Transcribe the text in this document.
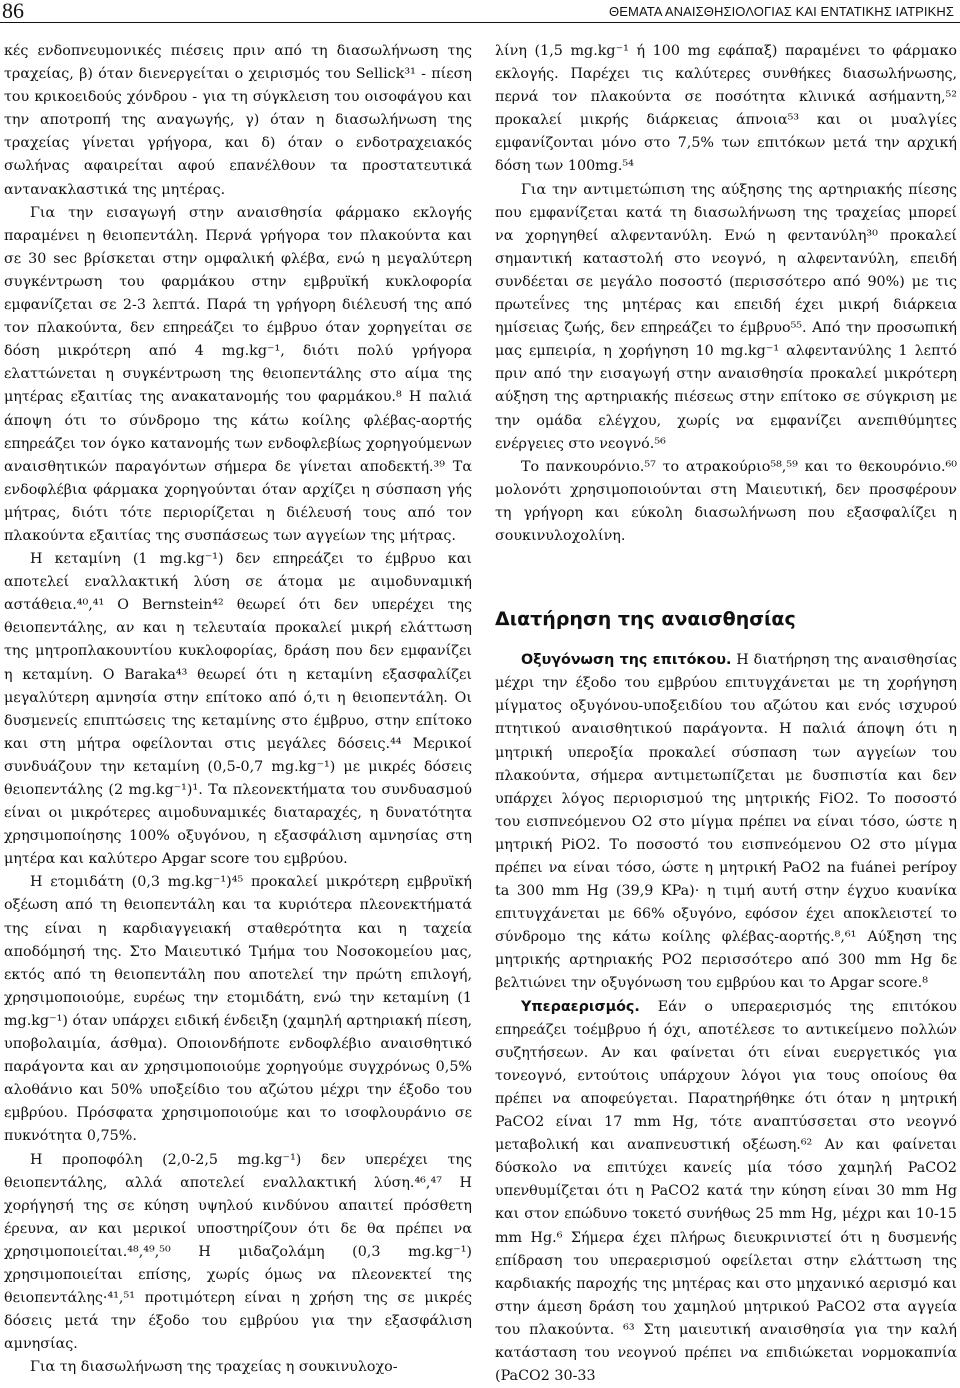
86	ΘΕΜΑΤΑ ΑΝΑΙΣΘΗΣΙΟΛΟΓΙΑΣ ΚΑΙ ΕΝΤΑΤΙΚΗΣ ΙΑΤΡΙΚΗΣ

κές ενδοπνευμονικές πιέσεις πριν από τη διασωλήνωση της τραχείας, β) όταν διενεργείται ο χειρισμός του Sellick³¹ - πίεση του κρικοειδούς χόνδρου - για τη σύγκλειση του οισοφάγου και την αποτροπή της αναγωγής, γ) όταν η διασωλήνωση της τραχείας γίνεται γρήγορα, και δ) όταν ο ενδοτραχειακός σωλήνας αφαιρείται αφού επανέλθουν τα προστατευτικά αντανακλαστικά της μητέρας.

Για την εισαγωγή στην αναισθησία φάρμακο εκλογής παραμένει η θειοπεντάλη. Περνά γρήγορα τον πλακούντα και σε 30 sec βρίσκεται στην ομφαλική φλέβα, ενώ η μεγαλύτερη συγκέντρωση του φαρμάκου στην εμβρυϊκή κυκλοφορία εμφανίζεται σε 2-3 λεπτά. Παρά τη γρήγορη διέλευσή της από τον πλακούντα, δεν επηρεάζει το έμβρυο όταν χορηγείται σε δόση μικρότερη από 4 mg.kg⁻¹, διότι πολύ γρήγορα ελαττώνεται η συγκέντρωση της θειοπεντάλης στο αίμα της μητέρας εξαιτίας της ανακατανομής του φαρμάκου.⁸ Η παλιά άποψη ότι το σύνδρομο της κάτω κοίλης φλέβας-αορτής επηρεάζει τον όγκο κατανομής των ενδοφλεβίως χορηγούμενων αναισθητικών παραγόντων σήμερα δε γίνεται αποδεκτή.³⁹ Τα ενδοφλέβια φάρμακα χορηγούνται όταν αρχίζει η σύσπαση γής μήτρας, διότι τότε περιορίζεται η διέλευσή τους από τον πλακούντα εξαιτίας της συσπάσεως των αγγείων της μήτρας.

Η κεταμίνη (1 mg.kg⁻¹) δεν επηρεάζει το έμβρυο και αποτελεί εναλλακτική λύση σε άτομα με αιμοδυναμική αστάθεια.⁴⁰,⁴¹ O Bernstein⁴² θεωρεί ότι δεν υπερέχει της θειοπεντάλης, αν και η τελευταία προκαλεί μικρή ελάττωση της μητροπλακουντίου κυκλοφορίας, δράση που δεν εμφανίζει η κεταμίνη. O Baraka⁴³ θεωρεί ότι η κεταμίνη εξασφαλίζει μεγαλύτερη αμνησία στην επίτοκο από ό,τι η θειοπεντάλη. Οι δυσμενείς επιπτώσεις της κεταμίνης στο έμβρυο, στην επίτοκο και στη μήτρα οφείλονται στις μεγάλες δόσεις.⁴⁴ Μερικοί συνδυάζουν την κεταμίνη (0,5-0,7 mg.kg⁻¹) με μικρές δόσεις θειοπεντάλης (2 mg.kg⁻¹)¹. Τα πλεονεκτήματα του συνδυασμού είναι οι μικρότερες αιμοδυναμικές διαταραχές, η δυνατότητα χρησιμοποίησης 100% οξυγόνου, η εξασφάλιση αμνησίας στη μητέρα και καλύτερο Apgar score του εμβρύου.

Η ετομιδάτη (0,3 mg.kg⁻¹)⁴⁵ προκαλεί μικρότερη εμβρυϊκή οξέωση από τη θειοπεντάλη και τα κυριότερα πλεονεκτήματά της είναι η καρδιαγγειακή σταθερότητα και η ταχεία αποδόμησή της. Στο Μαιευτικό Τμήμα του Νοσοκομείου μας, εκτός από τη θειοπεντάλη που αποτελεί την πρώτη επιλογή, χρησιμοποιούμε, ευρέως την ετομιδάτη, ενώ την κεταμίνη (1 mg.kg⁻¹) όταν υπάρχει ειδική ένδειξη (χαμηλή αρτηριακή πίεση, υποβολαιμία, άσθμα). Οποιονδήποτε ενδοφλέβιο αναισθητικό παράγοντα και αν χρησιμοποιούμε χορηγούμε συγχρόνως 0,5% αλοθάνιο και 50% υποξείδιο του αζώτου μέχρι την έξοδο του εμβρύου. Πρόσφατα χρησιμοποιούμε και το ισοφλουράνιο σε πυκνότητα 0,75%.

Η προποφόλη (2,0-2,5 mg.kg⁻¹) δεν υπερέχει της θειοπεντάλης, αλλά αποτελεί εναλλακτική λύση.⁴⁶,⁴⁷ Η χορήγησή της σε κύηση υψηλού κινδύνου απαιτεί πρόσθετη έρευνα, αν και μερικοί υποστηρίζουν ότι δε θα πρέπει να χρησιμοποιείται.⁴⁸,⁴⁹,⁵⁰ Η μιδαζολάμη (0,3 mg.kg⁻¹) χρησιμοποιείται επίσης, χωρίς όμως να πλεονεκτεί της θειοπεντάλης·⁴¹,⁵¹ προτιμότερη είναι η χρήση της σε μικρές δόσεις μετά την έξοδο του εμβρύου για την εξασφάλιση αμνησίας.

Για τη διασωλήνωση της τραχείας η σουκινυλοχο-

λίνη (1,5 mg.kg⁻¹ ή 100 mg εφάπαξ) παραμένει το φάρμακο εκλογής. Παρέχει τις καλύτερες συνθήκες διασωλήνωσης, περνά τον πλακούντα σε ποσότητα κλινικά ασήμαντη,⁵² προκαλεί μικρής διάρκειας άπνοια⁵³ και οι μυαλγίες εμφανίζονται μόνο στο 7,5% των επιτόκων μετά την αρχική δόση των 100mg.⁵⁴

Για την αντιμετώπιση της αύξησης της αρτηριακής πίεσης που εμφανίζεται κατά τη διασωλήνωση της τραχείας μπορεί να χορηγηθεί αλφεντανύλη. Ενώ η φεντανύλη³⁰ προκαλεί σημαντική καταστολή στο νεογνό, η αλφεντανύλη, επειδή συνδέεται σε μεγάλο ποσοστό (περισσότερο από 90%) με τις πρωτεΐνες της μητέρας και επειδή έχει μικρή διάρκεια ημίσειας ζωής, δεν επηρεάζει το έμβρυο⁵⁵. Από την προσωπική μας εμπειρία, η χορήγηση 10 mg.kg⁻¹ αλφεντανύλης 1 λεπτό πριν από την εισαγωγή στην αναισθησία προκαλεί μικρότερη αύξηση της αρτηριακής πιέσεως στην επίτοκο σε σύγκριση με την ομάδα ελέγχου, χωρίς να εμφανίζει ανεπιθύμητες ενέργειες στο νεογνό.⁵⁶

Το πανκουρόνιο.⁵⁷ το ατρακούριο⁵⁸,⁵⁹ και το θεκουρόνιο.⁶⁰ μολονότι χρησιμοποιούνται στη Μαιευτική, δεν προσφέρουν τη γρήγορη και εύκολη διασωλήνωση που εξασφαλίζει η σουκινυλοχολίνη.

Διατήρηση της αναισθησίας

Οξυγόνωση της επιτόκου. Η διατήρηση της αναισθησίας μέχρι την έξοδο του εμβρύου επιτυγχάνεται με τη χορήγηση μίγματος οξυγόνου-υποξειδίου του αζώτου και ενός ισχυρού πτητικού αναισθητικού παράγοντα. Η παλιά άποψη ότι η μητρική υπεροξία προκαλεί σύσπαση των αγγείων του πλακούντα, σήμερα αντιμετωπίζεται με δυσπιστία και δεν υπάρχει λόγος περιορισμού της μητρικής FiO2. Το ποσοστό του εισπνεόμενου O2 στο μίγμα πρέπει να είναι τόσο, ώστε η μητρική PiO2. Το ποσοστό του εισπνεόμενου O2 στο μίγμα πρέπει να είναι τόσο, ώστε η μητρική PaO2 na fuánei perípoy ta 300 mm Hg (39,9 KPa)· η τιμή αυτή στην έγχυο κυανίκα επιτυγχάνεται με 66% οξυγόνο, εφόσον έχει αποκλειστεί το σύνδρομο της κάτω κοίλης φλέβας-αορτής.⁸,⁶¹ Αύξηση της μητρικής αρτηριακής PO2 περισσότερο από 300 mm Hg δε βελτιώνει την οξυγόνωση του εμβρύου και το Apgar score.⁸

Υπεραερισμός. Εάν ο υπεραερισμός της επιτόκου επηρεάζει τοέμβρυο ή όχι, αποτέλεσε το αντικείμενο πολλών συζητήσεων. Αν και φαίνεται ότι είναι ευεργετικός για τονεογνό, εντούτοις υπάρχουν λόγοι για τους οποίους θα πρέπει να αποφεύγεται. Παρατηρήθηκε ότι όταν η μητρική PaCO2 είναι 17 mm Hg, τότε αναπτύσσεται στο νεογνό μεταβολική και αναπνευστική οξέωση.⁶² Αν και φαίνεται δύσκολο να επιτύχει κανείς μία τόσο χαμηλή PaCO2 υπενθυμίζεται ότι η PaCO2 κατά την κύηση είναι 30 mm Hg και στον επώδυνο τοκετό συνήθως 25 mm Hg, μέχρι και 10-15 mm Hg.⁶ Σήμερα έχει πλήρως διευκρινιστεί ότι η δυσμενής επίδραση του υπεραερισμού οφείλεται στην ελάττωση της καρδιακής παροχής της μητέρας και στο μηχανικό αερισμό και στην άμεση δράση του χαμηλού μητρικού PaCO2 στα αγγεία του πλακούντα. ⁶³ Στη μαιευτική αναισθησία για την καλή κατάσταση του νεογνού πρέπει να επιδιώκεται νορμοκαπνία (PaCO2 30-33
